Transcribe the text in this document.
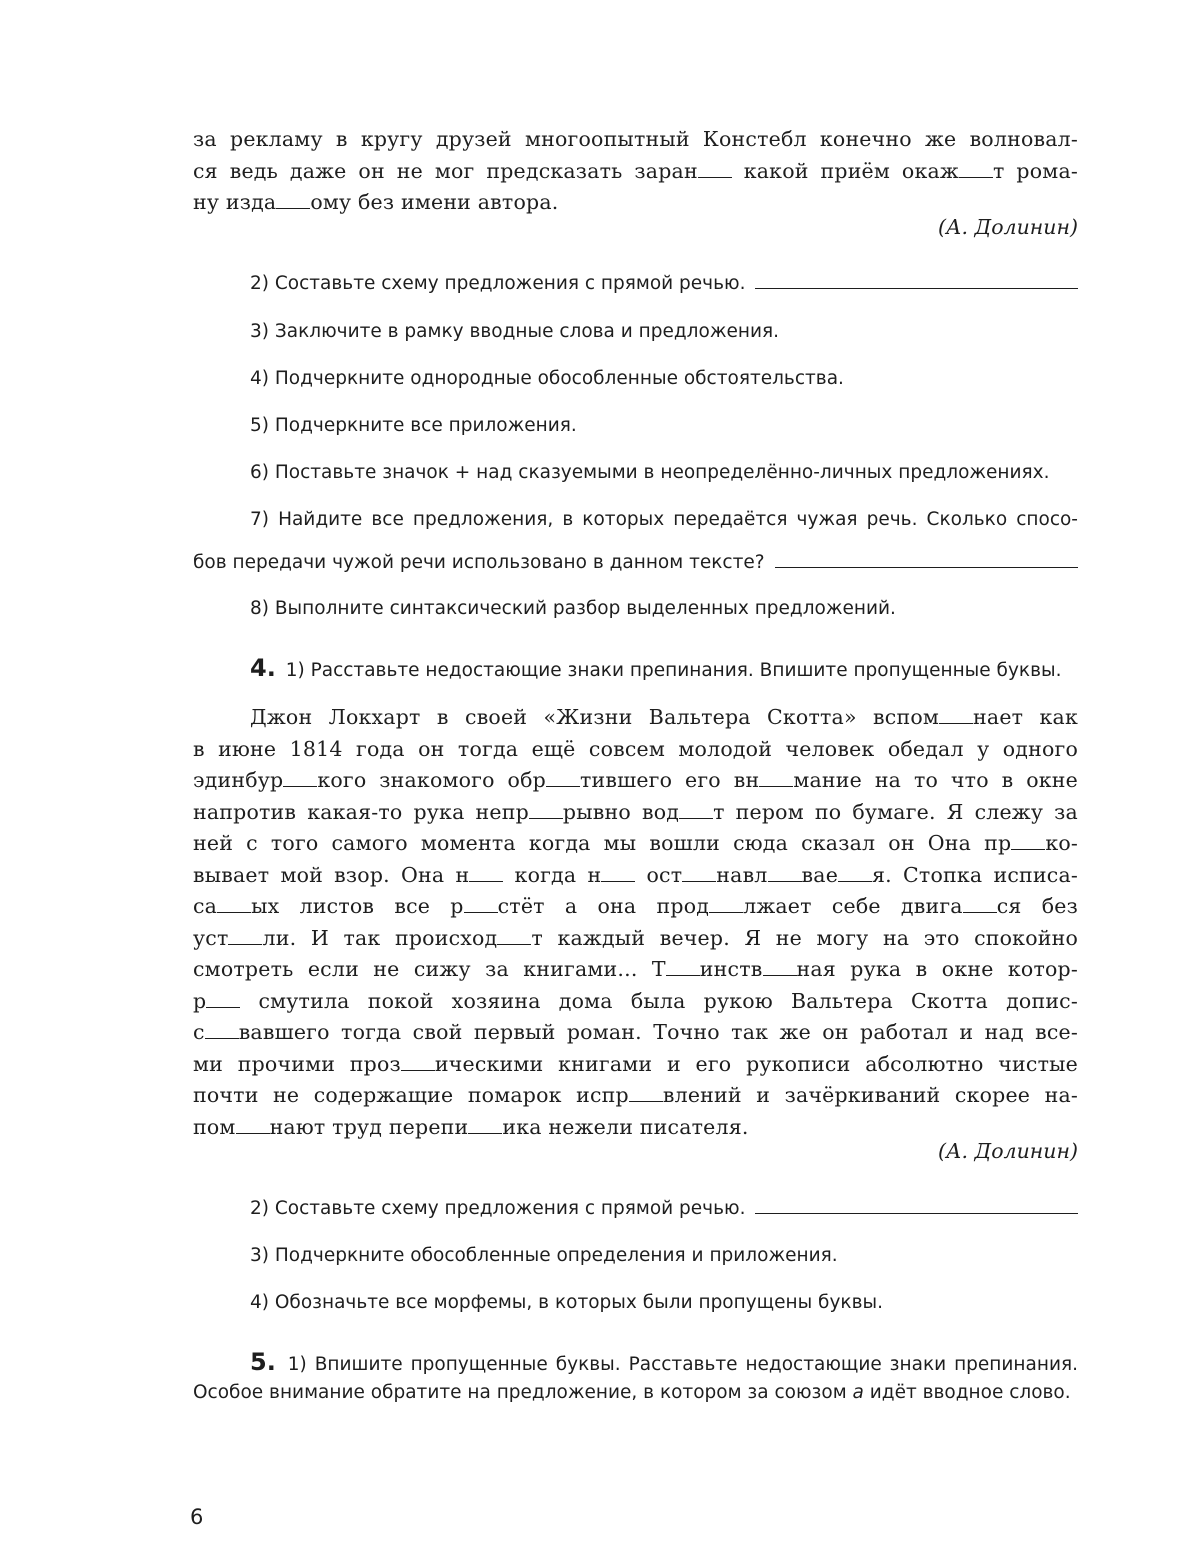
за рекламу в кругу друзей многоопытный Констебл конечно же волновал-
ся ведь даже он не мог предсказать заран какой приём окаж т рома-
ну изда ому без имени автора.
(А. Долинин)
2) Составьте схему предложения с прямой речью.
3) Заключите в рамку вводные слова и предложения.
4) Подчеркните однородные обособленные обстоятельства.
5) Подчеркните все приложения.
6) Поставьте значок + над сказуемыми в неопределённо-личных предложениях.
7) Найдите все предложения, в которых передаётся чужая речь. Сколько спосо-
бов передачи чужой речи использовано в данном тексте?
8) Выполните синтаксический разбор выделенных предложений.
4. 1) Расставьте недостающие знаки препинания. Впишите пропущенные буквы.
Джон Локхарт в своей «Жизни Вальтера Скотта» вспом нает как
в июне 1814 года он тогда ещё совсем молодой человек обедал у одного
эдинбур кого знакомого обр тившего его вн мание на то что в окне
напротив какая-то рука непр рывно вод т пером по бумаге. Я слежу за
ней с того самого момента когда мы вошли сюда сказал он Она пр ко-
вывает мой взор. Она н когда н ост навл вае я. Стопка исписа-
са ых листов все р стёт а она прод лжает себе двига ся без
уст ли. И так происход т каждый вечер. Я не могу на это спокойно
смотреть если не сижу за книгами... Т инств ная рука в окне котор-
р смутила покой хозяина дома была рукою Вальтера Скотта допис-
с вавшего тогда свой первый роман. Точно так же он работал и над все-
ми прочими проз ическими книгами и его рукописи абсолютно чистые
почти не содержащие помарок испр влений и зачёркиваний скорее на-
пом нают труд перепи ика нежели писателя.
(А. Долинин)
2) Составьте схему предложения с прямой речью.
3) Подчеркните обособленные определения и приложения.
4) Обозначьте все морфемы, в которых были пропущены буквы.
5. 1) Впишите пропущенные буквы. Расставьте недостающие знаки препинания. Особое внимание обратите на предложение, в котором за союзом а идёт вводное слово.
6
